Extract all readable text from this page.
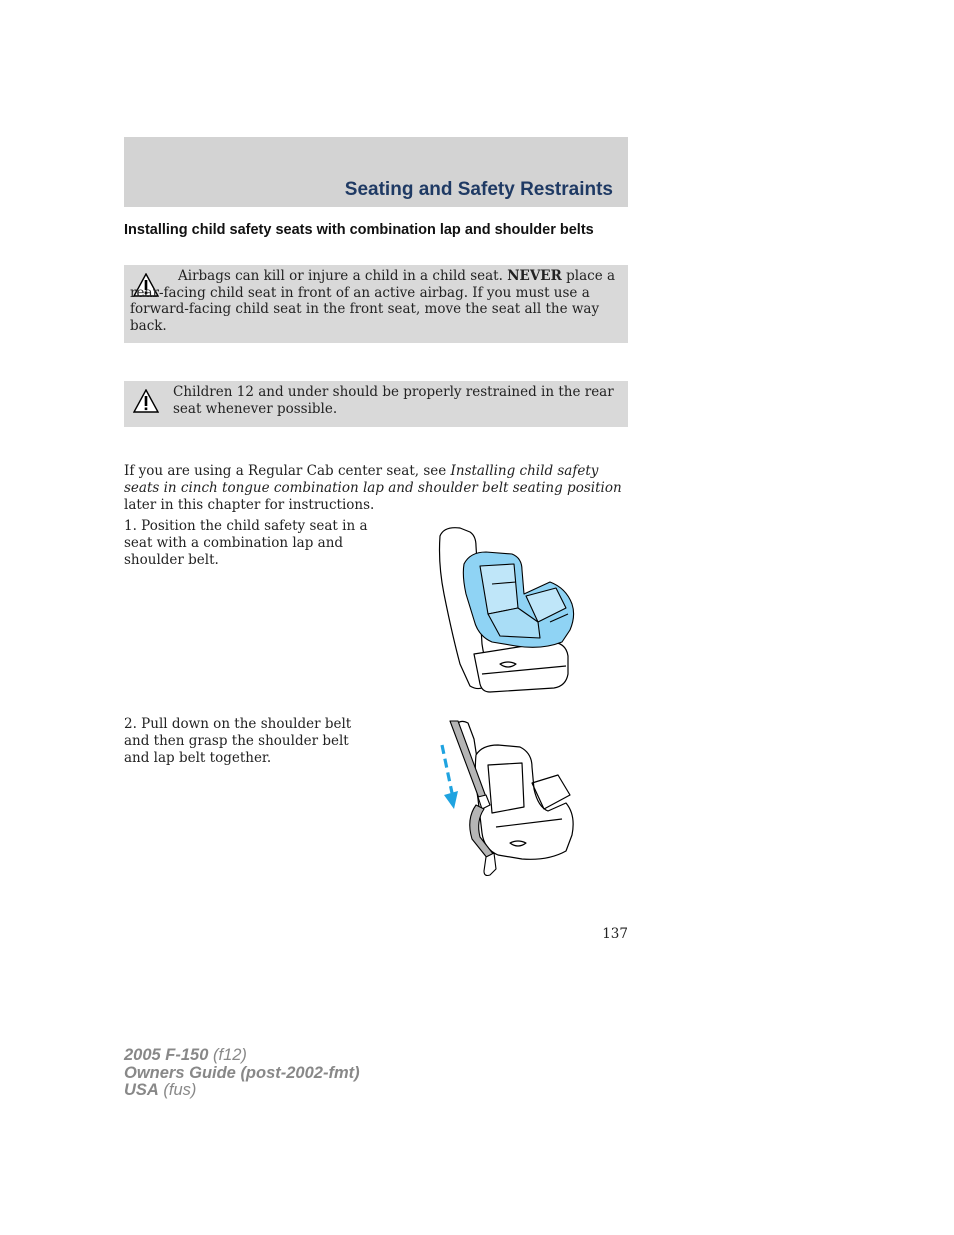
Seating and Safety Restraints
Installing child safety seats with combination lap and shoulder belts
Airbags can kill or injure a child in a child seat. NEVER place a rear-facing child seat in front of an active airbag. If you must use a forward-facing child seat in the front seat, move the seat all the way back.
Children 12 and under should be properly restrained in the rear seat whenever possible.
If you are using a Regular Cab center seat, see Installing child safety seats in cinch tongue combination lap and shoulder belt seating position later in this chapter for instructions.
1. Position the child safety seat in a seat with a combination lap and shoulder belt.
2. Pull down on the shoulder belt and then grasp the shoulder belt and lap belt together.
137
2005 F-150 (f12)
Owners Guide (post-2002-fmt)
USA (fus)
